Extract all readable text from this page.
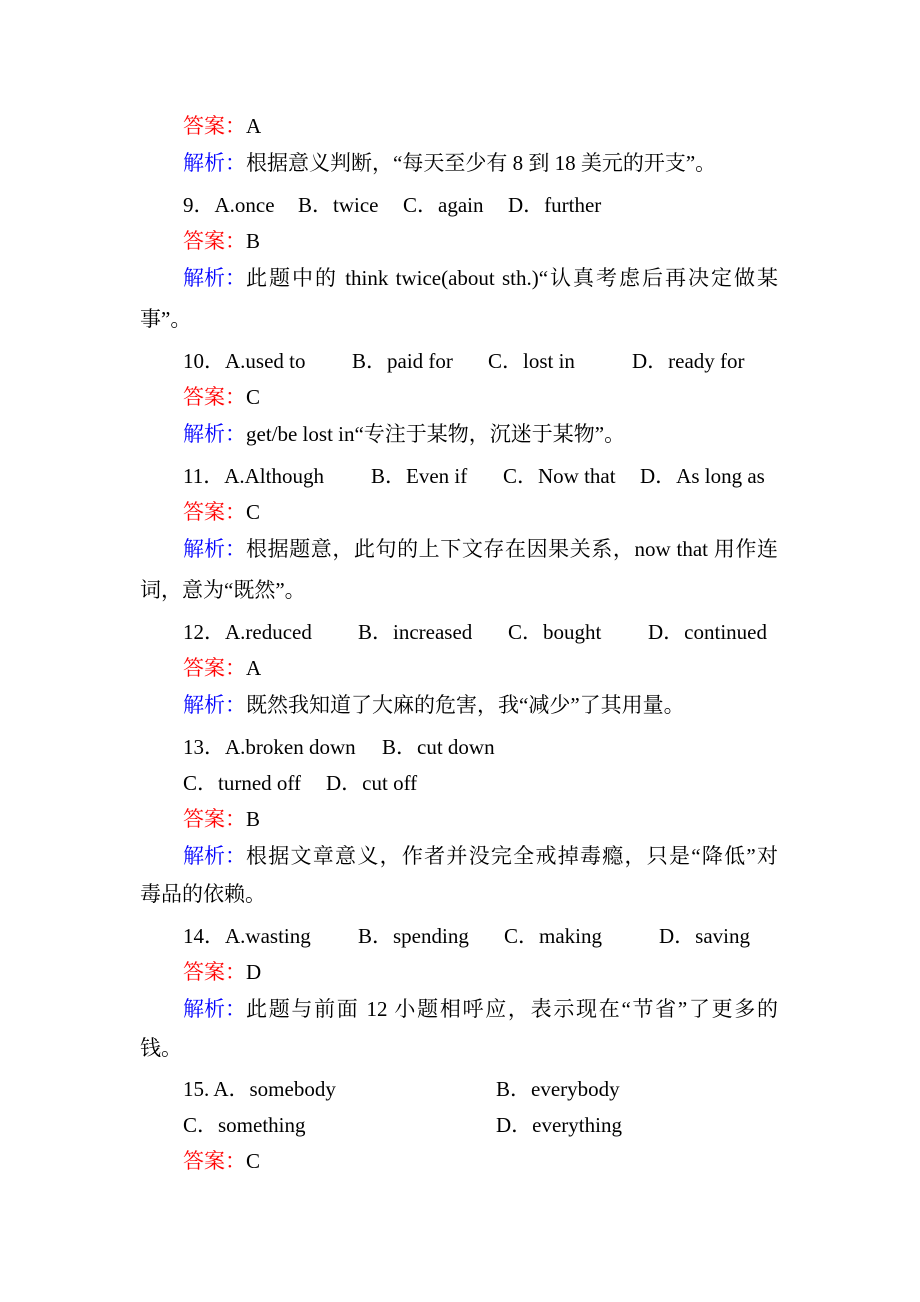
答案：A
解析：根据意义判断，“每天至少有 8 到 18 美元的开支”。
9．A.once B．twice C．again D．further
答案：B
解析： 此题中的 think twice(about sth.)“认真考虑后再决定做某
事”。
10．A.used to B．paid for C．lost in	D．ready for
答案：C
解析：get/be lost in“专注于某物，沉迷于某物”。
11．A.Although B．Even if C．Now that D．As long as
答案：C
解析： 根据题意，此句的上下文存在因果关系，now that 用作连
词，意为“既然”。
12．A.reduced B．increased C．bought D．continued
答案：A
解析：既然我知道了大麻的危害，我“减少”了其用量。
13．A.broken down B．cut down
C．turned off D．cut off
答案：B
解析： 根据文章意义，作者并没完全戒掉毒瘾，只是“降低”对
毒品的依赖。
14．A.wasting B．spending C．making	D．saving
答案：D
解析： 此题与前面 12 小题相呼应，表示现在“节省”了更多的
钱。
15. A．somebody	B．everybody
C．something	D．everything
答案：C
